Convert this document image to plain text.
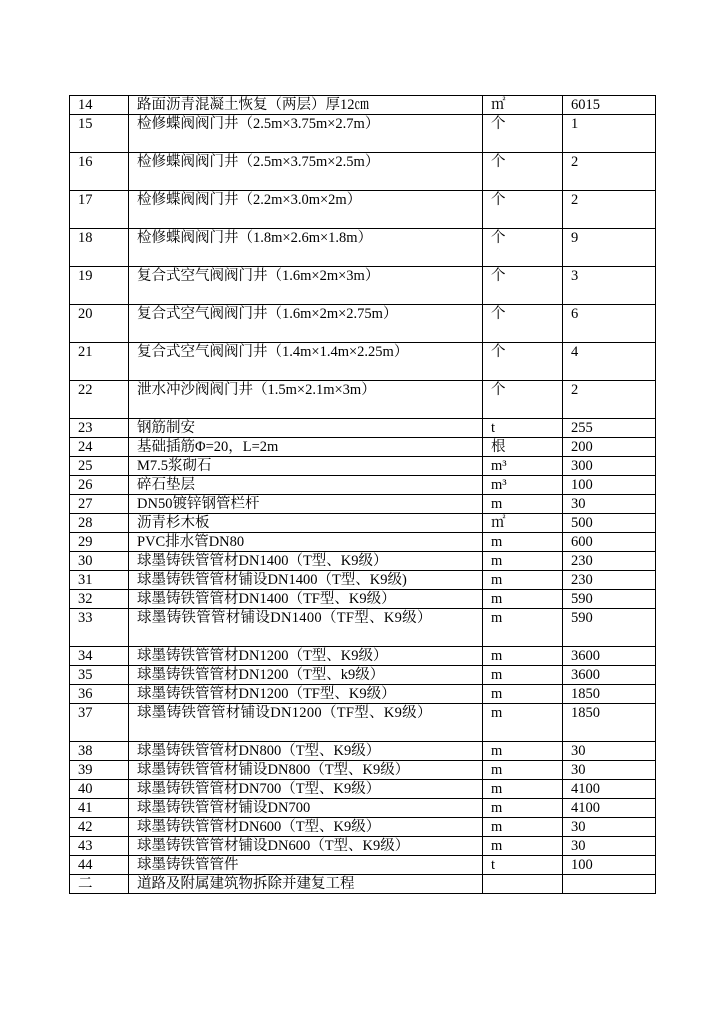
14	路面沥青混凝土恢复（两层）厚12㎝	㎡	6015
15	检修蝶阀阀门井（2.5m×3.75m×2.7m）	个	1
16	检修蝶阀阀门井（2.5m×3.75m×2.5m）	个	2
17	检修蝶阀阀门井（2.2m×3.0m×2m）	个	2
18	检修蝶阀阀门井（1.8m×2.6m×1.8m）	个	9
19	复合式空气阀阀门井（1.6m×2m×3m）	个	3
20	复合式空气阀阀门井（1.6m×2m×2.75m）	个	6
21	复合式空气阀阀门井（1.4m×1.4m×2.25m）	个	4
22	泄水冲沙阀阀门井（1.5m×2.1m×3m）	个	2
23	钢筋制安	t	255
24	基础插筋Φ=20，L=2m	根	200
25	M7.5浆砌石	m³	300
26	碎石垫层	m³	100
27	DN50镀锌钢管栏杆	m	30
28	沥青杉木板	㎡	500
29	PVC排水管DN80	m	600
30	球墨铸铁管管材DN1400（T型、K9级）	m	230
31	球墨铸铁管管材铺设DN1400（T型、K9级)	m	230
32	球墨铸铁管管材DN1400（TF型、K9级）	m	590
33	球墨铸铁管管材铺设DN1400（TF型、K9级）	m	590
34	球墨铸铁管管材DN1200（T型、K9级）	m	3600
35	球墨铸铁管管材DN1200（T型、k9级）	m	3600
36	球墨铸铁管管材DN1200（TF型、K9级）	m	1850
37	球墨铸铁管管材铺设DN1200（TF型、K9级）	m	1850
38	球墨铸铁管管材DN800（T型、K9级）	m	30
39	球墨铸铁管管材铺设DN800（T型、K9级）	m	30
40	球墨铸铁管管材DN700（T型、K9级）	m	4100
41	球墨铸铁管管材铺设DN700	m	4100
42	球墨铸铁管管材DN600（T型、K9级）	m	30
43	球墨铸铁管管材铺设DN600（T型、K9级）	m	30
44	球墨铸铁管管件	t	100
二	道路及附属建筑物拆除并建复工程		
